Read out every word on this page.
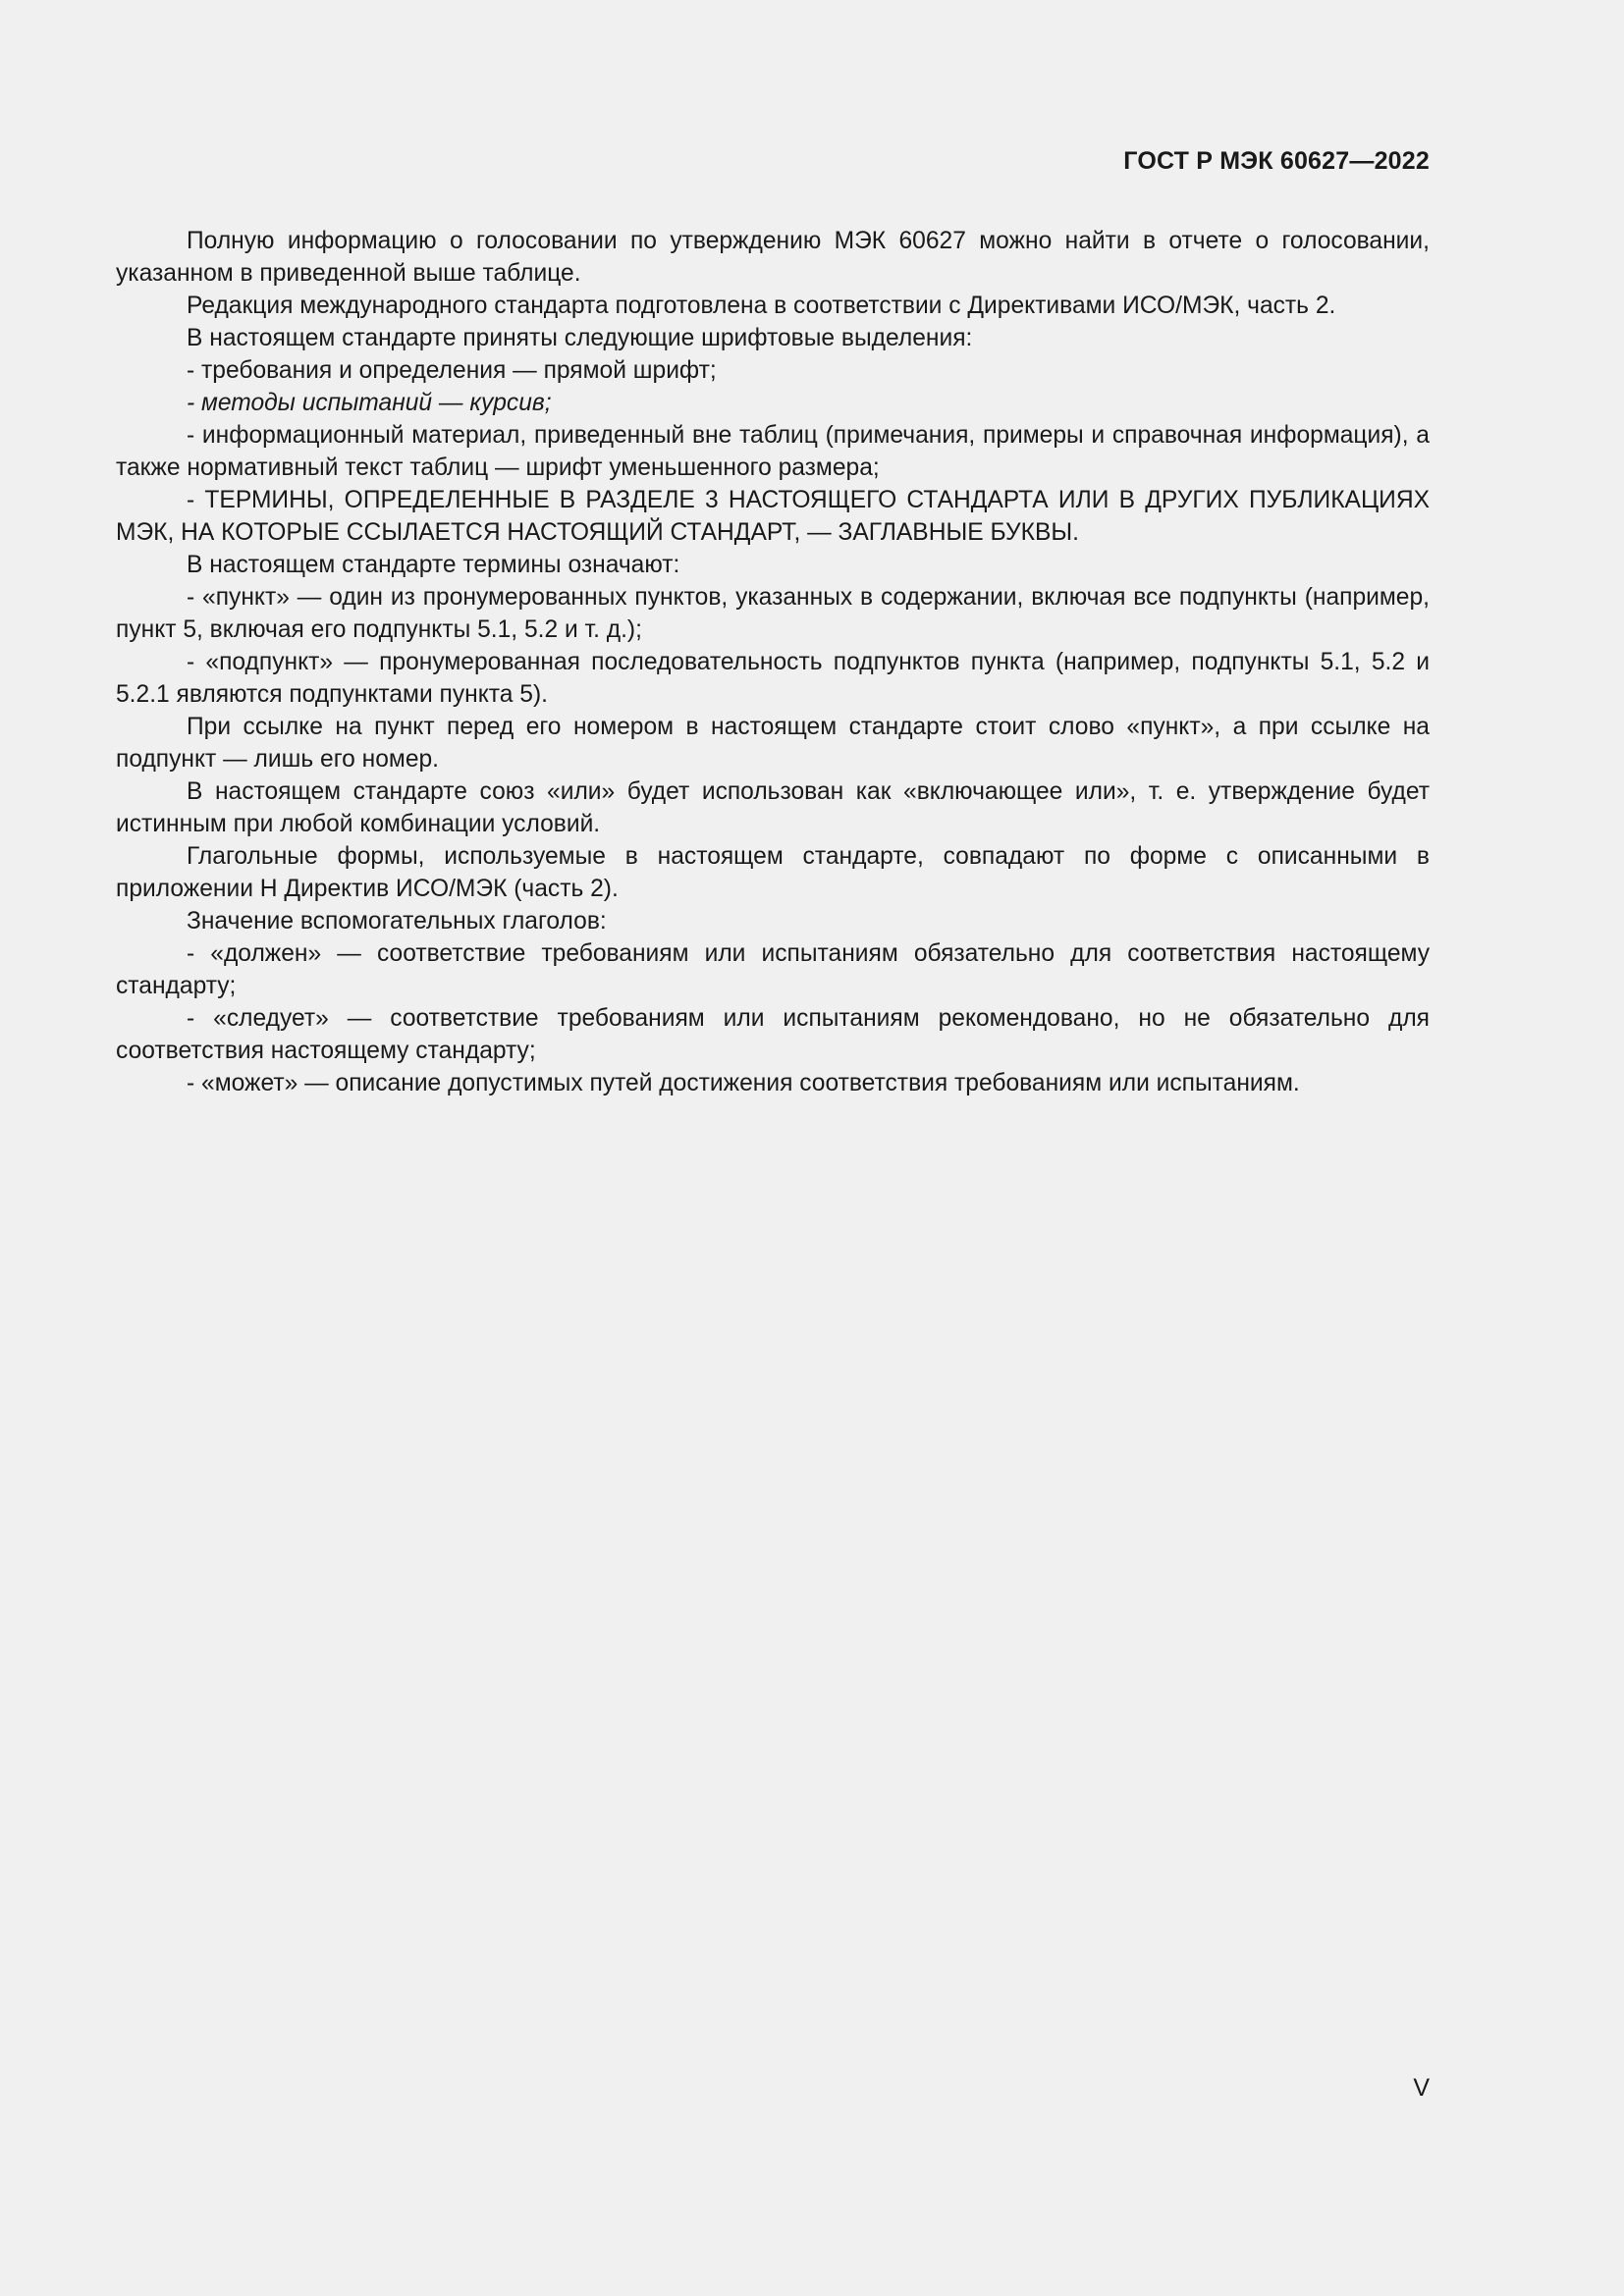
ГОСТ Р МЭК 60627—2022

Полную информацию о голосовании по утверждению МЭК 60627 можно найти в отчете о голосовании, указанном в приведенной выше таблице.

Редакция международного стандарта подготовлена в соответствии с Директивами ИСО/МЭК, часть 2.

В настоящем стандарте приняты следующие шрифтовые выделения:

- требования и определения — прямой шрифт;

- методы испытаний — курсив;

- информационный материал, приведенный вне таблиц (примечания, примеры и справочная информация), а также нормативный текст таблиц — шрифт уменьшенного размера;

- ТЕРМИНЫ, ОПРЕДЕЛЕННЫЕ В РАЗДЕЛЕ 3 НАСТОЯЩЕГО СТАНДАРТА ИЛИ В ДРУГИХ ПУБЛИКАЦИЯХ МЭК, НА КОТОРЫЕ ССЫЛАЕТСЯ НАСТОЯЩИЙ СТАНДАРТ, — ЗАГЛАВНЫЕ БУКВЫ.

В настоящем стандарте термины означают:

- «пункт» — один из пронумерованных пунктов, указанных в содержании, включая все подпункты (например, пункт 5, включая его подпункты 5.1, 5.2 и т. д.);

- «подпункт» — пронумерованная последовательность подпунктов пункта (например, подпункты 5.1, 5.2 и 5.2.1 являются подпунктами пункта 5).

При ссылке на пункт перед его номером в настоящем стандарте стоит слово «пункт», а при ссылке на подпункт — лишь его номер.

В настоящем стандарте союз «или» будет использован как «включающее или», т. е. утверждение будет истинным при любой комбинации условий.

Глагольные формы, используемые в настоящем стандарте, совпадают по форме с описанными в приложении H Директив ИСО/МЭК (часть 2).

Значение вспомогательных глаголов:

- «должен» — соответствие требованиям или испытаниям обязательно для соответствия настоящему стандарту;

- «следует» — соответствие требованиям или испытаниям рекомендовано, но не обязательно для соответствия настоящему стандарту;

- «может» — описание допустимых путей достижения соответствия требованиям или испытаниям.

V
